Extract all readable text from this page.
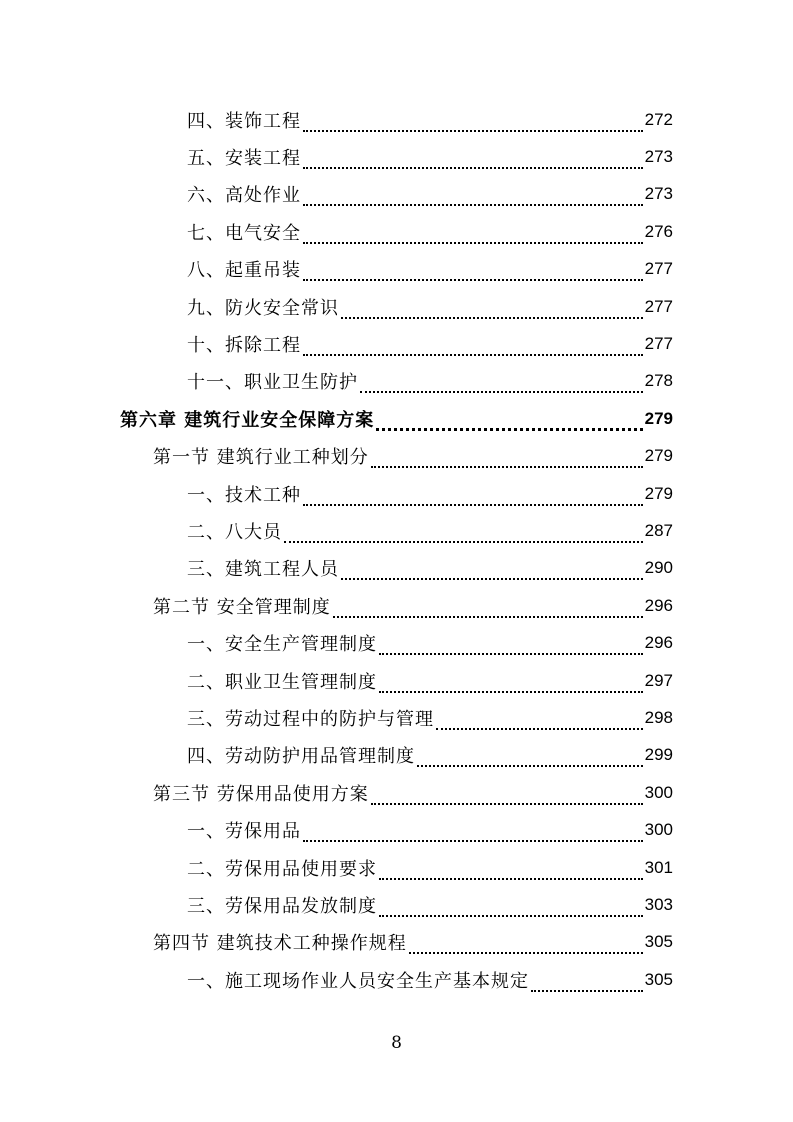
四、装饰工程	272
五、安装工程	273
六、高处作业	273
七、电气安全	276
八、起重吊装	277
九、防火安全常识	277
十、拆除工程	277
十一、职业卫生防护	278
第六章 建筑行业安全保障方案	279
第一节 建筑行业工种划分	279
一、技术工种	279
二、八大员	287
三、建筑工程人员	290
第二节 安全管理制度	296
一、安全生产管理制度	296
二、职业卫生管理制度	297
三、劳动过程中的防护与管理	298
四、劳动防护用品管理制度	299
第三节 劳保用品使用方案	300
一、劳保用品	300
二、劳保用品使用要求	301
三、劳保用品发放制度	303
第四节 建筑技术工种操作规程	305
一、施工现场作业人员安全生产基本规定	305
8
